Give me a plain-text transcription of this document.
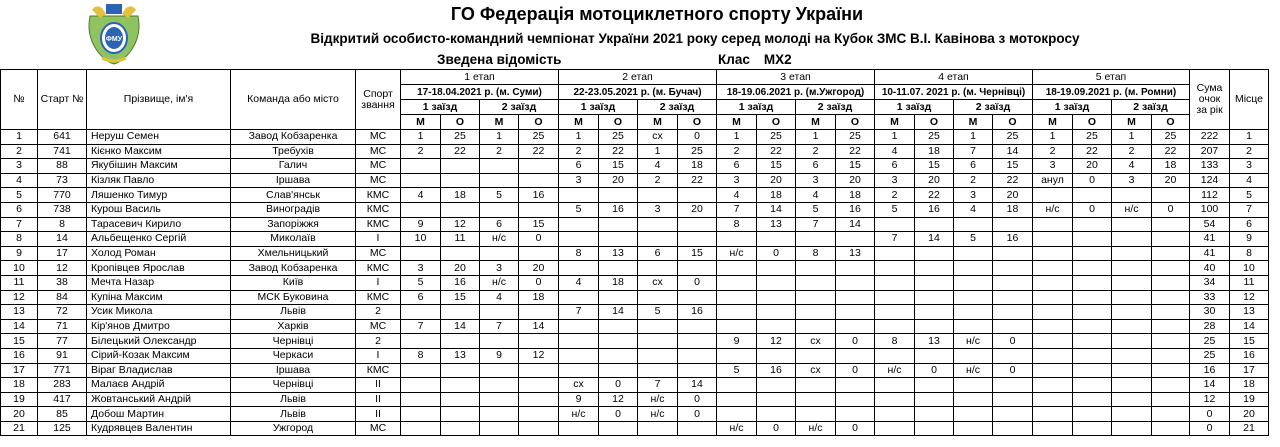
ФМУ
ГО Федерація мотоциклетного спорту України
Відкритий особисто-командний чемпіонат України 2021 року серед молоді на Кубок ЗМС В.І. Кавінова з мотокросу
Зведена відомість	Клас MX2
№	Старт №	Прізвище, ім'я	Команда або місто	Спорт звання	1 етап				2 етап				3 етап				4 етап				5 етап				Сума очок за рік	Місце
					17-18.04.2021 р. (м. Суми)				22-23.05.2021 р. (м. Бучач)				18-19.06.2021 р. (м.Ужгород)				10-11.07. 2021 р. (м. Чернівці)				18-19.09.2021 р. (м. Ромни)					
					1 заїзд		2 заїзд		1 заїзд		2 заїзд		1 заїзд		2 заїзд		1 заїзд		2 заїзд		1 заїзд		2 заїзд			
					М	О	М	О	М	О	М	О	М	О	М	О	М	О	М	О	М	О	М	О		
1	641	Неруш Семен	Завод Кобзаренка	МС	1	25	1	25	1	25	сх	0	1	25	1	25	1	25	1	25	1	25	1	25	222	1
2	741	Кієнко Максим	Требухів	МС	2	22	2	22	2	22	1	25	2	22	2	22	4	18	7	14	2	22	2	22	207	2
3	88	Якубішин Максим	Галич	МС					6	15	4	18	6	15	6	15	6	15	6	15	3	20	4	18	133	3
4	73	Кізляк Павло	Іршава	МС					3	20	2	22	3	20	3	20	3	20	2	22	анул	0	3	20	124	4
5	770	Ляшенко Тимур	Слав'янськ	КМС	4	18	5	16					4	18	4	18	2	22	3	20					112	5
6	738	Курош Василь	Виноградів	КМС					5	16	3	20	7	14	5	16	5	16	4	18	н/с	0	н/с	0	100	7
7	8	Тарасевич Кирило	Запоріжжя	КМС	9	12	6	15					8	13	7	14									54	6
8	14	Альбещенко Сергій	Миколаїв	І	10	11	н/с	0									7	14	5	16					41	9
9	17	Холод Роман	Хмельницький	МС					8	13	6	15	н/с	0	8	13									41	8
10	12	Кропівцев Ярослав	Завод Кобзаренка	КМС	3	20	3	20																	40	10
11	38	Мечта Назар	Київ	І	5	16	н/с	0	4	18	сх	0													34	11
12	84	Купіна Максим	МСК Буковина	КМС	6	15	4	18																	33	12
13	72	Усик Микола	Львів	2					7	14	5	16													30	13
14	71	Кір'янов Дмитро	Харків	МС	7	14	7	14																	28	14
15	77	Білецький Олександр	Чернівці	2									9	12	сх	0	8	13	н/с	0					25	15
16	91	Сірий-Козак Максим	Черкаси	І	8	13	9	12																	25	16
17	771	Віраг Владислав	Іршава	КМС									5	16	сх	0	н/с	0	н/с	0					16	17
18	283	Малаєв Андрій	Чернівці	ІІ					сх	0	7	14													14	18
19	417	Жовтанський Андрій	Львів	ІІ					9	12	н/с	0													12	19
20	85	Добош Мартин	Львів	ІІ					н/с	0	н/с	0													0	20
21	125	Кудрявцев Валентин	Ужгород	МС									н/с	0	н/с	0									0	21
